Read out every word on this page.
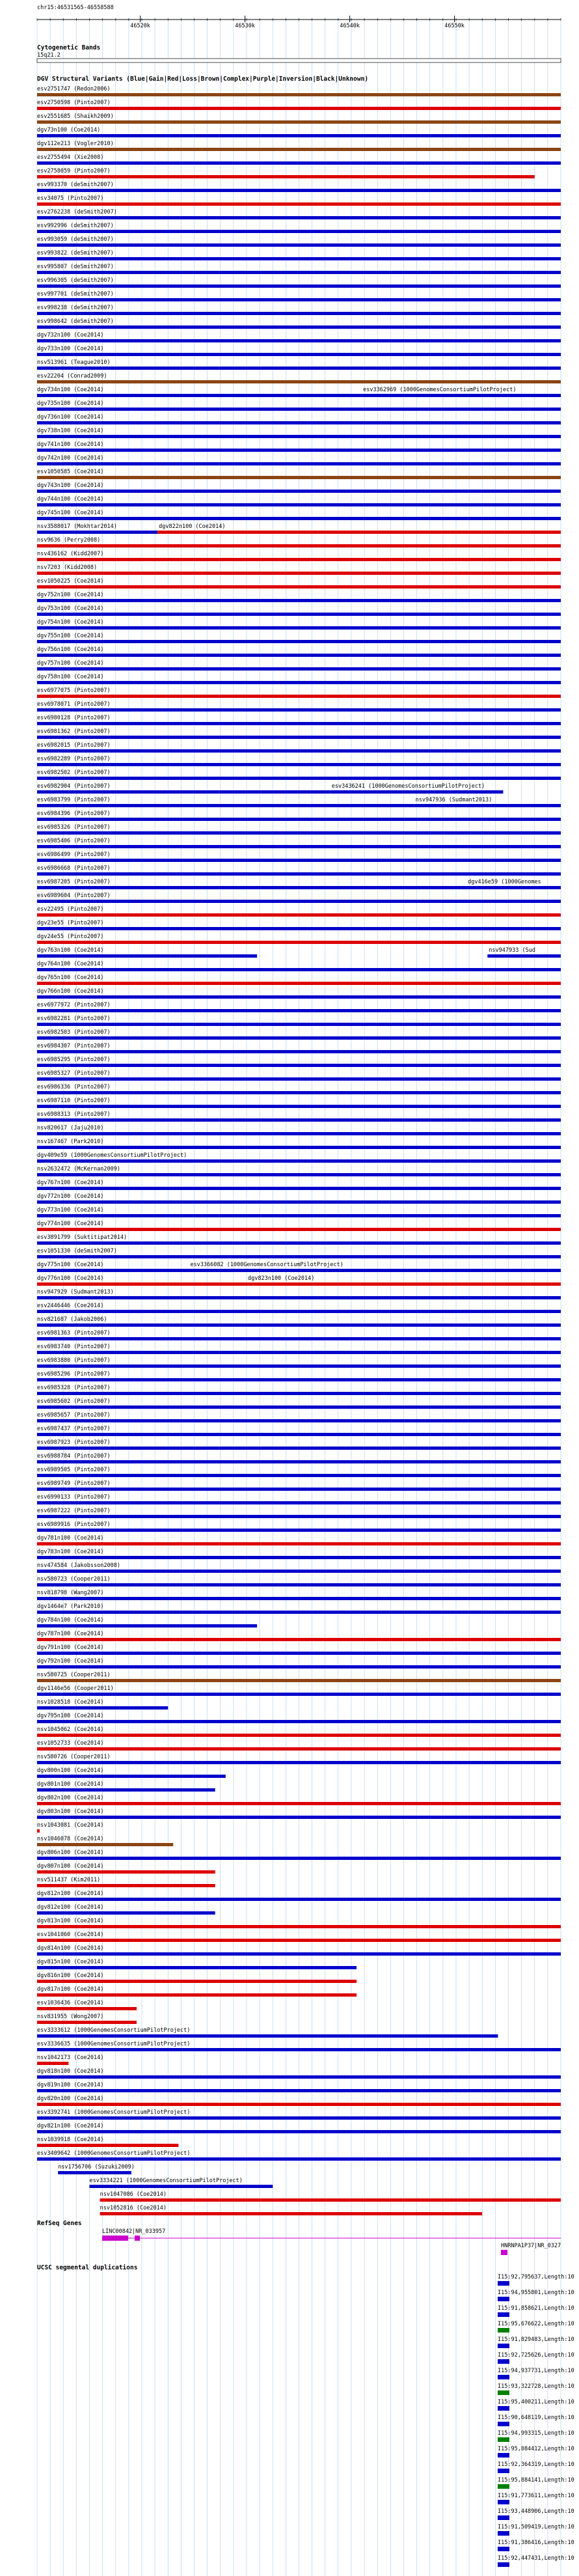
chr15:46531565-46558588
46520k	46530k	46540k	46550k
Cytogenetic Bands
15q21.2
DGV Structural Variants (Blue|Gain|Red|Loss|Brown|Complex|Purple|Inversion|Black|Unknown)
esv2751747 (Redon2006)
esv2750598 (Pinto2007)
esv2551685 (Shaikh2009)
dgv73n100 (Coe2014)
dgv112e213 (Vogler2010)
esv2755494 (Xie2008)
esv2758059 (Pinto2007)
esv993370 (deSmith2007)
esv34075 (Pinto2007)
esv2762238 (deSmith2007)
esv992996 (deSmith2007)
esv993059 (deSmith2007)
esv993822 (deSmith2007)
esv995807 (deSmith2007)
esv996305 (deSmith2007)
esv997701 (deSmith2007)
esv998238 (deSmith2007)
esv998642 (deSmith2007)
dgv732n100 (Coe2014)
dgv733n100 (Coe2014)
nsv513961 (Teague2010)
esv22204 (Conrad2009)
dgv734n100 (Coe2014)	esv3362969 (1000GenomesConsortiumPilotProject)
dgv735n100 (Coe2014)
dgv736n100 (Coe2014)
dgv738n100 (Coe2014)
dgv741n100 (Coe2014)
dgv742n100 (Coe2014)
esv1050585 (Coe2014)
dgv743n100 (Coe2014)
dgv744n100 (Coe2014)
dgv745n100 (Coe2014)
nsv3588017 (Mokhtar2014)	dgv822n100 (Coe2014)
nsv9636 (Perry2008)
nsv436162 (Kidd2007)
nsv7203 (Kidd2008)
esv1050225 (Coe2014)
dgv752n100 (Coe2014)
dgv753n100 (Coe2014)
dgv754n100 (Coe2014)
dgv755n100 (Coe2014)
dgv756n100 (Coe2014)
dgv757n100 (Coe2014)
dgv758n100 (Coe2014)
esv6977075 (Pinto2007)
esv6978071 (Pinto2007)
esv6980128 (Pinto2007)
esv6981362 (Pinto2007)
esv6982015 (Pinto2007)
esv6982289 (Pinto2007)
esv6982502 (Pinto2007)
esv6982904 (Pinto2007)	esv3436241 (1000GenomesConsortiumPilotProject)
esv6983799 (Pinto2007)	nsv947936 (Sudmant2013)
esv6984396 (Pinto2007)
esv6985326 (Pinto2007)
esv6985406 (Pinto2007)
esv6986499 (Pinto2007)
esv6986668 (Pinto2007)
esv6987205 (Pinto2007)	dgv416e59 (1000Genomes
esv6989604 (Pinto2007)
esv22495 (Pinto2007)
dgv23e55 (Pinto2007)
dgv24e55 (Pinto2007)
dgv763n100 (Coe2014)	nsv947933 (Sud
dgv764n100 (Coe2014)
dgv765n100 (Coe2014)
dgv766n100 (Coe2014)
esv6977972 (Pinto2007)
esv6982281 (Pinto2007)
esv6982503 (Pinto2007)
esv6984307 (Pinto2007)
esv6985295 (Pinto2007)
esv6985327 (Pinto2007)
esv6986336 (Pinto2007)
esv6987110 (Pinto2007)
esv6988313 (Pinto2007)
nsv820617 (Jaju2010)
nsv167467 (Park2010)
dgv409e59 (1000GenomesConsortiumPilotProject)
nsv2632472 (McKernan2009)
dgv767n100 (Coe2014)
dgv772n100 (Coe2014)
dgv773n100 (Coe2014)
dgv774n100 (Coe2014)
esv3891799 (Suktitipat2014)
esv1051330 (deSmith2007)
dgv775n100 (Coe2014)	esv3366082 (1000GenomesConsortiumPilotProject)
dgv776n100 (Coe2014)	dgv823n100 (Coe2014)
nsv947929 (Sudmant2013)
esv2446446 (Coe2014)
nsv821687 (Jakob2006)
esv6981363 (Pinto2007)
esv6983740 (Pinto2007)
esv6983880 (Pinto2007)
esv6985296 (Pinto2007)
esv6985328 (Pinto2007)
esv6985602 (Pinto2007)
esv6985657 (Pinto2007)
esv6987437 (Pinto2007)
esv6987923 (Pinto2007)
esv6988784 (Pinto2007)
esv6989505 (Pinto2007)
esv6989749 (Pinto2007)
esv6990133 (Pinto2007)
esv6987222 (Pinto2007)
esv6989916 (Pinto2007)
dgv781n100 (Coe2014)
dgv783n100 (Coe2014)
nsv474584 (Jakobsson2008)
nsv580723 (Cooper2011)
nsv818798 (Wang2007)
dgv1464e7 (Park2010)
dgv784n100 (Coe2014)
dgv787n100 (Coe2014)
dgv791n100 (Coe2014)
dgv792n100 (Coe2014)
nsv580725 (Cooper2011)
dgv1146e56 (Cooper2011)
nsv1028518 (Coe2014)
dgv795n100 (Coe2014)
nsv1045062 (Coe2014)
esv1052733 (Coe2014)
nsv580726 (Cooper2011)
dgv800n100 (Coe2014)
dgv801n100 (Coe2014)
dgv802n100 (Coe2014)
dgv803n100 (Coe2014)
nsv1043081 (Coe2014)
nsv1046078 (Coe2014)
dgv806n100 (Coe2014)
dgv807n100 (Coe2014)
nsv511437 (Kim2011)
dgv812n100 (Coe2014)
dgv812e100 (Coe2014)
dgv813n100 (Coe2014)
esv1041060 (Coe2014)
dgv814n100 (Coe2014)
dgv815n100 (Coe2014)
dgv816n100 (Coe2014)
dgv817n100 (Coe2014)
esv1036436 (Coe2014)
nsv831955 (Wong2007)
esv3333612 (1000GenomesConsortiumPilotProject)
esv3336635 (1000GenomesConsortiumPilotProject)
nsv1042173 (Coe2014)
dgv818n100 (Coe2014)
dgv819n100 (Coe2014)
dgv820n100 (Coe2014)
esv3392741 (1000GenomesConsortiumPilotProject)
dgv821n100 (Coe2014)
nsv1039918 (Coe2014)
esv3409642 (1000GenomesConsortiumPilotProject)
nsv1756706 (Suzuki2009)
esv3334221 (1000GenomesConsortiumPilotProject)
nsv1047086 (Coe2014)
nsv1052816 (Coe2014)
RefSeq Genes
LINC00842|NR_033957
HNRNPA1P37|NR_0327
UCSC segmental duplications
I15:92,795637,Length:10
I15:94,955801,Length:10
I15:91,858621,Length:10
I15:95,676622,Length:10
I15:91,829483,Length:10
I15:92,725626,Length:10
I15:94,937731,Length:10
I15:93,322728,Length:10
I15:95,400211,Length:10
I15:90,648119,Length:10
I15:94,993315,Length:10
I15:95,084412,Length:10
I15:92,364319,Length:10
I15:95,884141,Length:10
I15:91,773611,Length:10
I15:93,448906,Length:10
I15:91,509419,Length:10
I15:91,386416,Length:10
I15:92,447431,Length:10
